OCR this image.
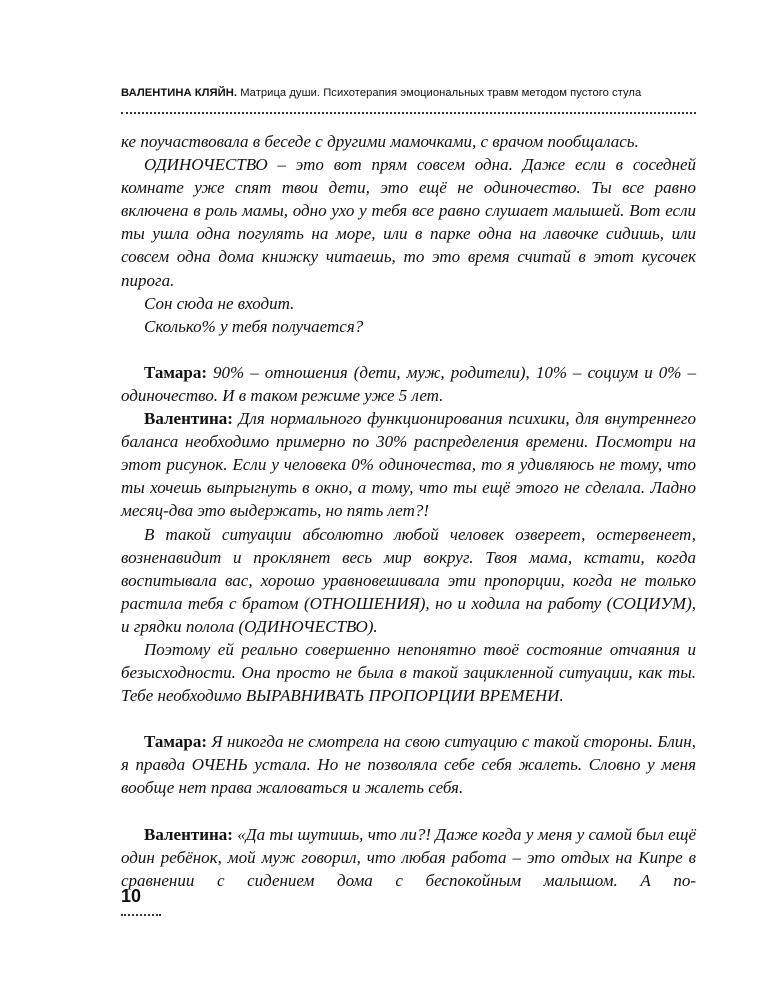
ВАЛЕНТИНА КЛЯЙН. Матрица души. Психотерапия эмоциональных травм методом пустого стула

ке поучаствовала в беседе с другими мамочками, с врачом пообщалась.

ОДИНОЧЕСТВО – это вот прям совсем одна. Даже если в соседней комнате уже спят твои дети, это ещё не одиночество. Ты все равно включена в роль мамы, одно ухо у тебя все равно слушает малышей. Вот если ты ушла одна погулять на море, или в парке одна на лавочке сидишь, или совсем одна дома книжку читаешь, то это время считай в этот кусочек пирога.

Сон сюда не входит.

Сколько% у тебя получается?

Тамара: 90% – отношения (дети, муж, родители), 10% – социум и 0% – одиночество. И в таком режиме уже 5 лет.

Валентина: Для нормального функционирования психики, для внутреннего баланса необходимо примерно по 30% распределения времени. Посмотри на этот рисунок. Если у человека 0% одиночества, то я удивляюсь не тому, что ты хочешь выпрыгнуть в окно, а тому, что ты ещё этого не сделала. Ладно месяц-два это выдержать, но пять лет?!

В такой ситуации абсолютно любой человек озвереет, остервенеет, возненавидит и проклянет весь мир вокруг. Твоя мама, кстати, когда воспитывала вас, хорошо уравновешивала эти пропорции, когда не только растила тебя с братом (ОТНОШЕНИЯ), но и ходила на работу (СОЦИУМ), и грядки полола (ОДИНОЧЕСТВО).

Поэтому ей реально совершенно непонятно твоё состояние отчаяния и безысходности. Она просто не была в такой зацикленной ситуации, как ты. Тебе необходимо ВЫРАВНИВАТЬ ПРОПОРЦИИ ВРЕМЕНИ.

Тамара: Я никогда не смотрела на свою ситуацию с такой стороны. Блин, я правда ОЧЕНЬ устала. Но не позволяла себе себя жалеть. Словно у меня вообще нет права жаловаться и жалеть себя.

Валентина: «Да ты шутишь, что ли?! Даже когда у меня у самой был ещё один ребёнок, мой муж говорил, что любая работа – это отдых на Кипре в сравнении с сидением дома с беспокойным малышом. А по-

10
